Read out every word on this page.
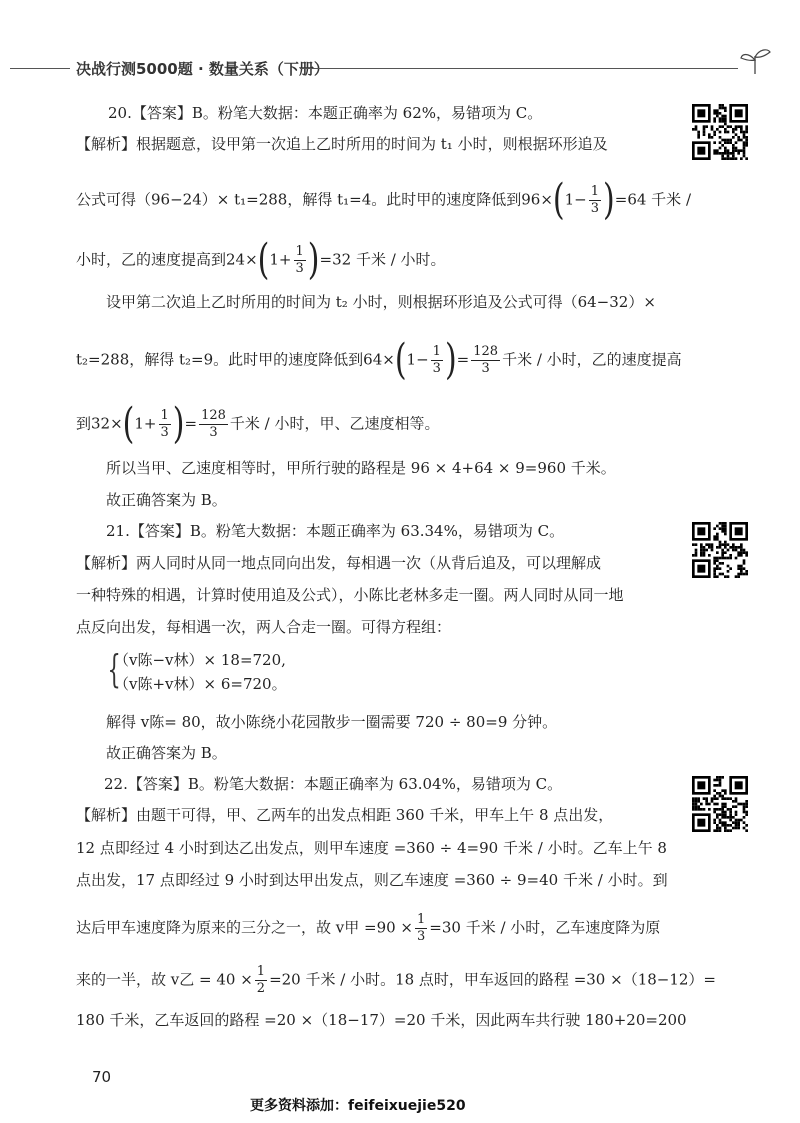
决战行测5000题 · 数量关系（下册）
20.【答案】B。粉笔大数据：本题正确率为 62%，易错项为 C。
【解析】根据题意，设甲第一次追上乙时所用的时间为 t₁ 小时，则根据环形追及
公式可得（96−24）× t₁=288，解得 t₁=4。此时甲的速度降低到$96\times(1- \frac{1}{3} )=64$ 千米 /
小时，乙的速度提高到$24\times(1+ \frac{1}{3} )=32$ 千米 / 小时。
设甲第二次追上乙时所用的时间为 t₂ 小时，则根据环形追及公式可得（64−32）×
t₂=288，解得 t₂=9。此时甲的速度降低到$64\times(1- \frac{1}{3}$ )= $\frac{128}{3}$ 千米 / 小时，乙的速度提高
到$32\times(1+ \frac{1}{3}$ )= $\frac{128}{3}$ 千米 / 小时，甲、乙速度相等。
所以当甲、乙速度相等时，甲所行驶的路程是 96 × 4+64 × 9=960 千米。
故正确答案为 B。
21.【答案】B。粉笔大数据：本题正确率为 63.34%，易错项为 C。
【解析】两人同时从同一地点同向出发，每相遇一次（从背后追及，可以理解成
一种特殊的相遇，计算时使用追及公式），小陈比老林多走一圈。两人同时从同一地
点反向出发，每相遇一次，两人合走一圈。可得方程组：
{
（v陈−v林）× 18=720,
（v陈+v林）× 6=720。
解得 v陈= 80，故小陈绕小花园散步一圈需要 720 ÷ 80=9 分钟。
故正确答案为 B。
22.【答案】B。粉笔大数据：本题正确率为 63.04%，易错项为 C。
【解析】由题干可得，甲、乙两车的出发点相距 360 千米，甲车上午 8 点出发，
12 点即经过 4 小时到达乙出发点，则甲车速度 =360 ÷ 4=90 千米 / 小时。乙车上午 8
点出发，17 点即经过 9 小时到达甲出发点，则乙车速度 =360 ÷ 9=40 千米 / 小时。到
达后甲车速度降为原来的三分之一，故 v甲 $=90 \times \frac{1}{3} =30$ 千米 / 小时，乙车速度降为原
来的一半，故 v乙 = $40 \times \frac{1}{2} =20$ 千米 / 小时。18 点时，甲车返回的路程 =30 ×（18−12）=
180 千米，乙车返回的路程 =20 ×（18−17）=20 千米，因此两车共行驶 180+20=200
70
更多资料添加：feifeixuejie520
